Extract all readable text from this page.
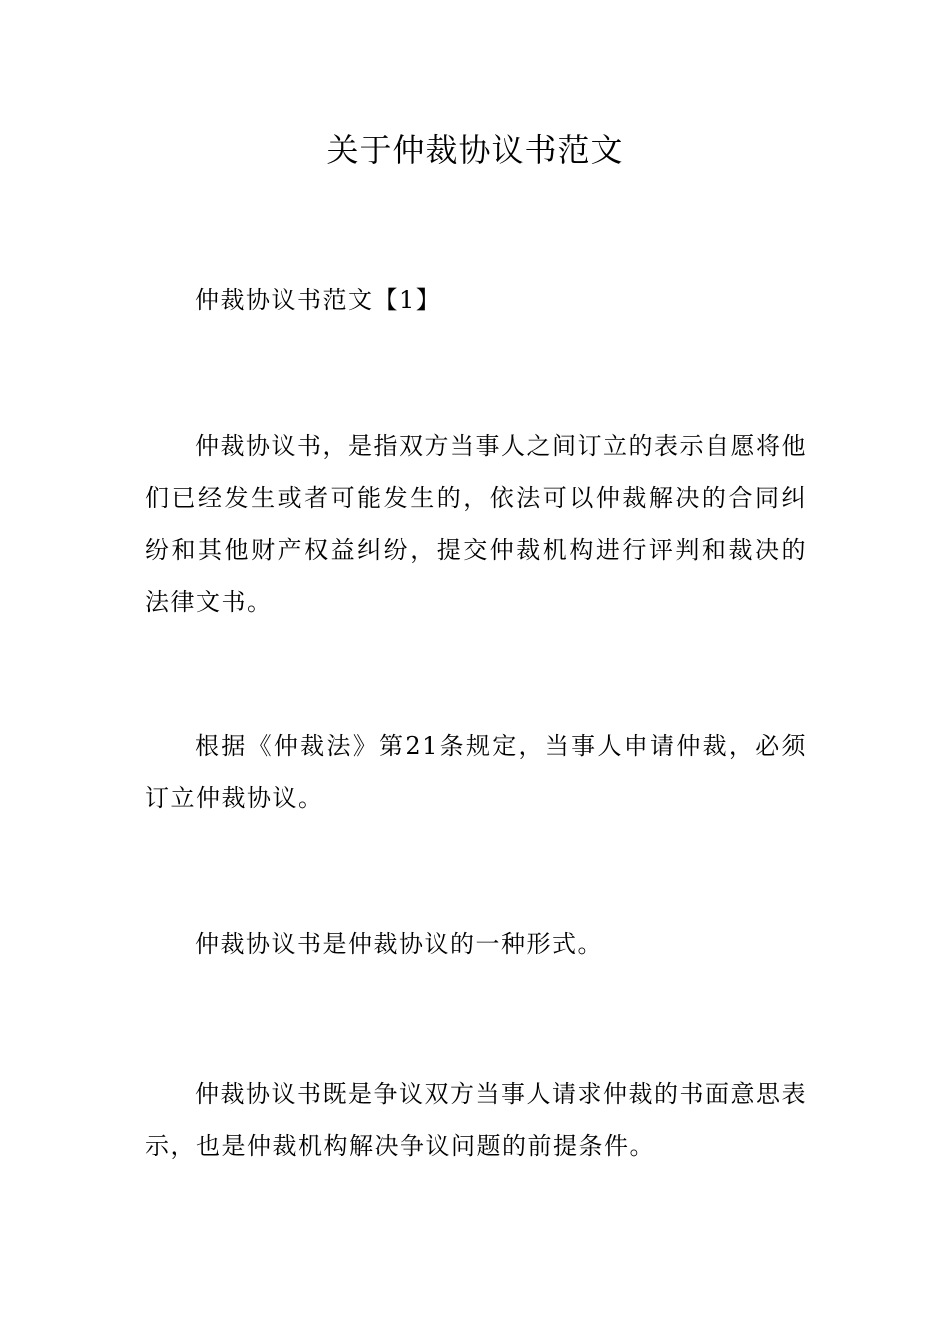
关于仲裁协议书范文

仲裁协议书范文【1】

仲裁协议书，是指双方当事人之间订立的表示自愿将他们已经发生或者可能发生的，依法可以仲裁解决的合同纠纷和其他财产权益纠纷，提交仲裁机构进行评判和裁决的法律文书。

根据《仲裁法》第21条规定，当事人申请仲裁，必须订立仲裁协议。

仲裁协议书是仲裁协议的一种形式。

仲裁协议书既是争议双方当事人请求仲裁的书面意思表示，也是仲裁机构解决争议问题的前提条件。
